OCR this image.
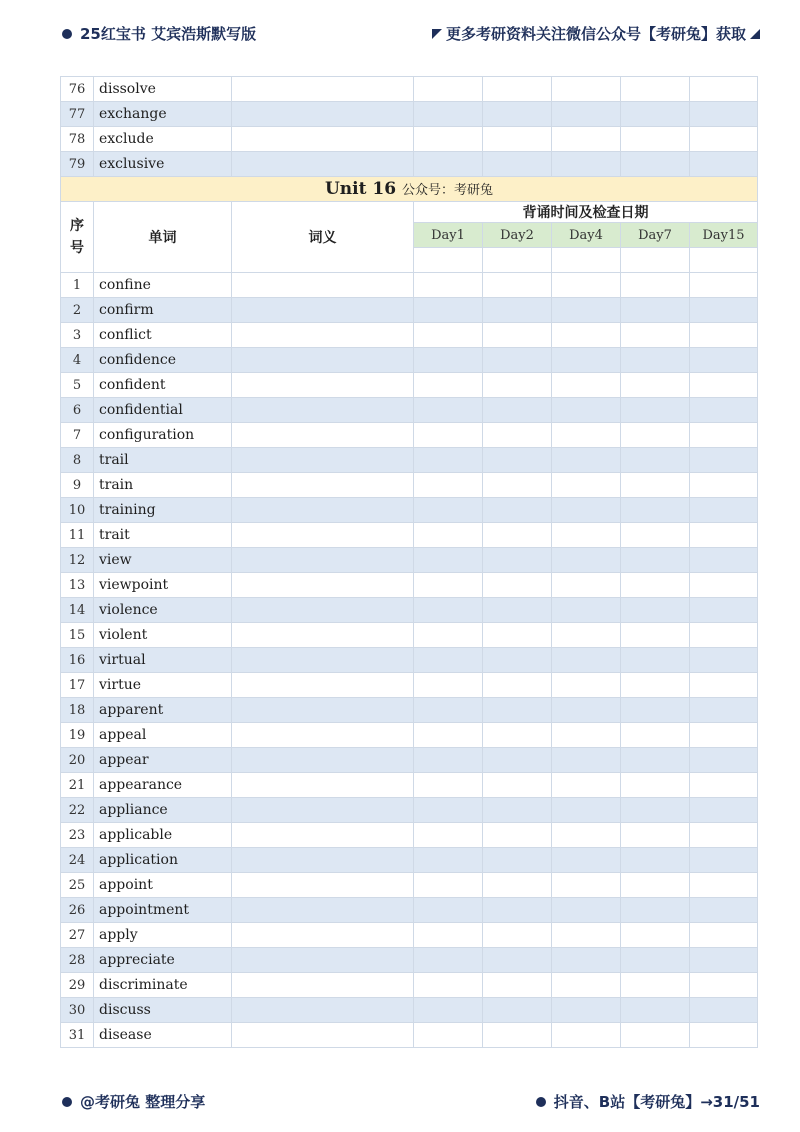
25红宝书 艾宾浩斯默写版	更多考研资料关注微信公众号【考研兔】获取
76	dissolve						
77	exchange						
78	exclude						
79	exclusive						
Unit 16 公众号：考研兔							
序
号	单词	词义	背诵时间及检查日期				
			Day1	Day2	Day4	Day7	Day15

1	confine						
2	confirm						
3	conflict						
4	confidence						
5	confident						
6	confidential						
7	configuration						
8	trail						
9	train						
10	training						
11	trait						
12	view						
13	viewpoint						
14	violence						
15	violent						
16	virtual						
17	virtue						
18	apparent						
19	appeal						
20	appear						
21	appearance						
22	appliance						
23	applicable						
24	application						
25	appoint						
26	appointment						
27	apply						
28	appreciate						
29	discriminate						
30	discuss						
31	disease						
@考研兔 整理分享	抖音、B站【考研兔】→31/51
